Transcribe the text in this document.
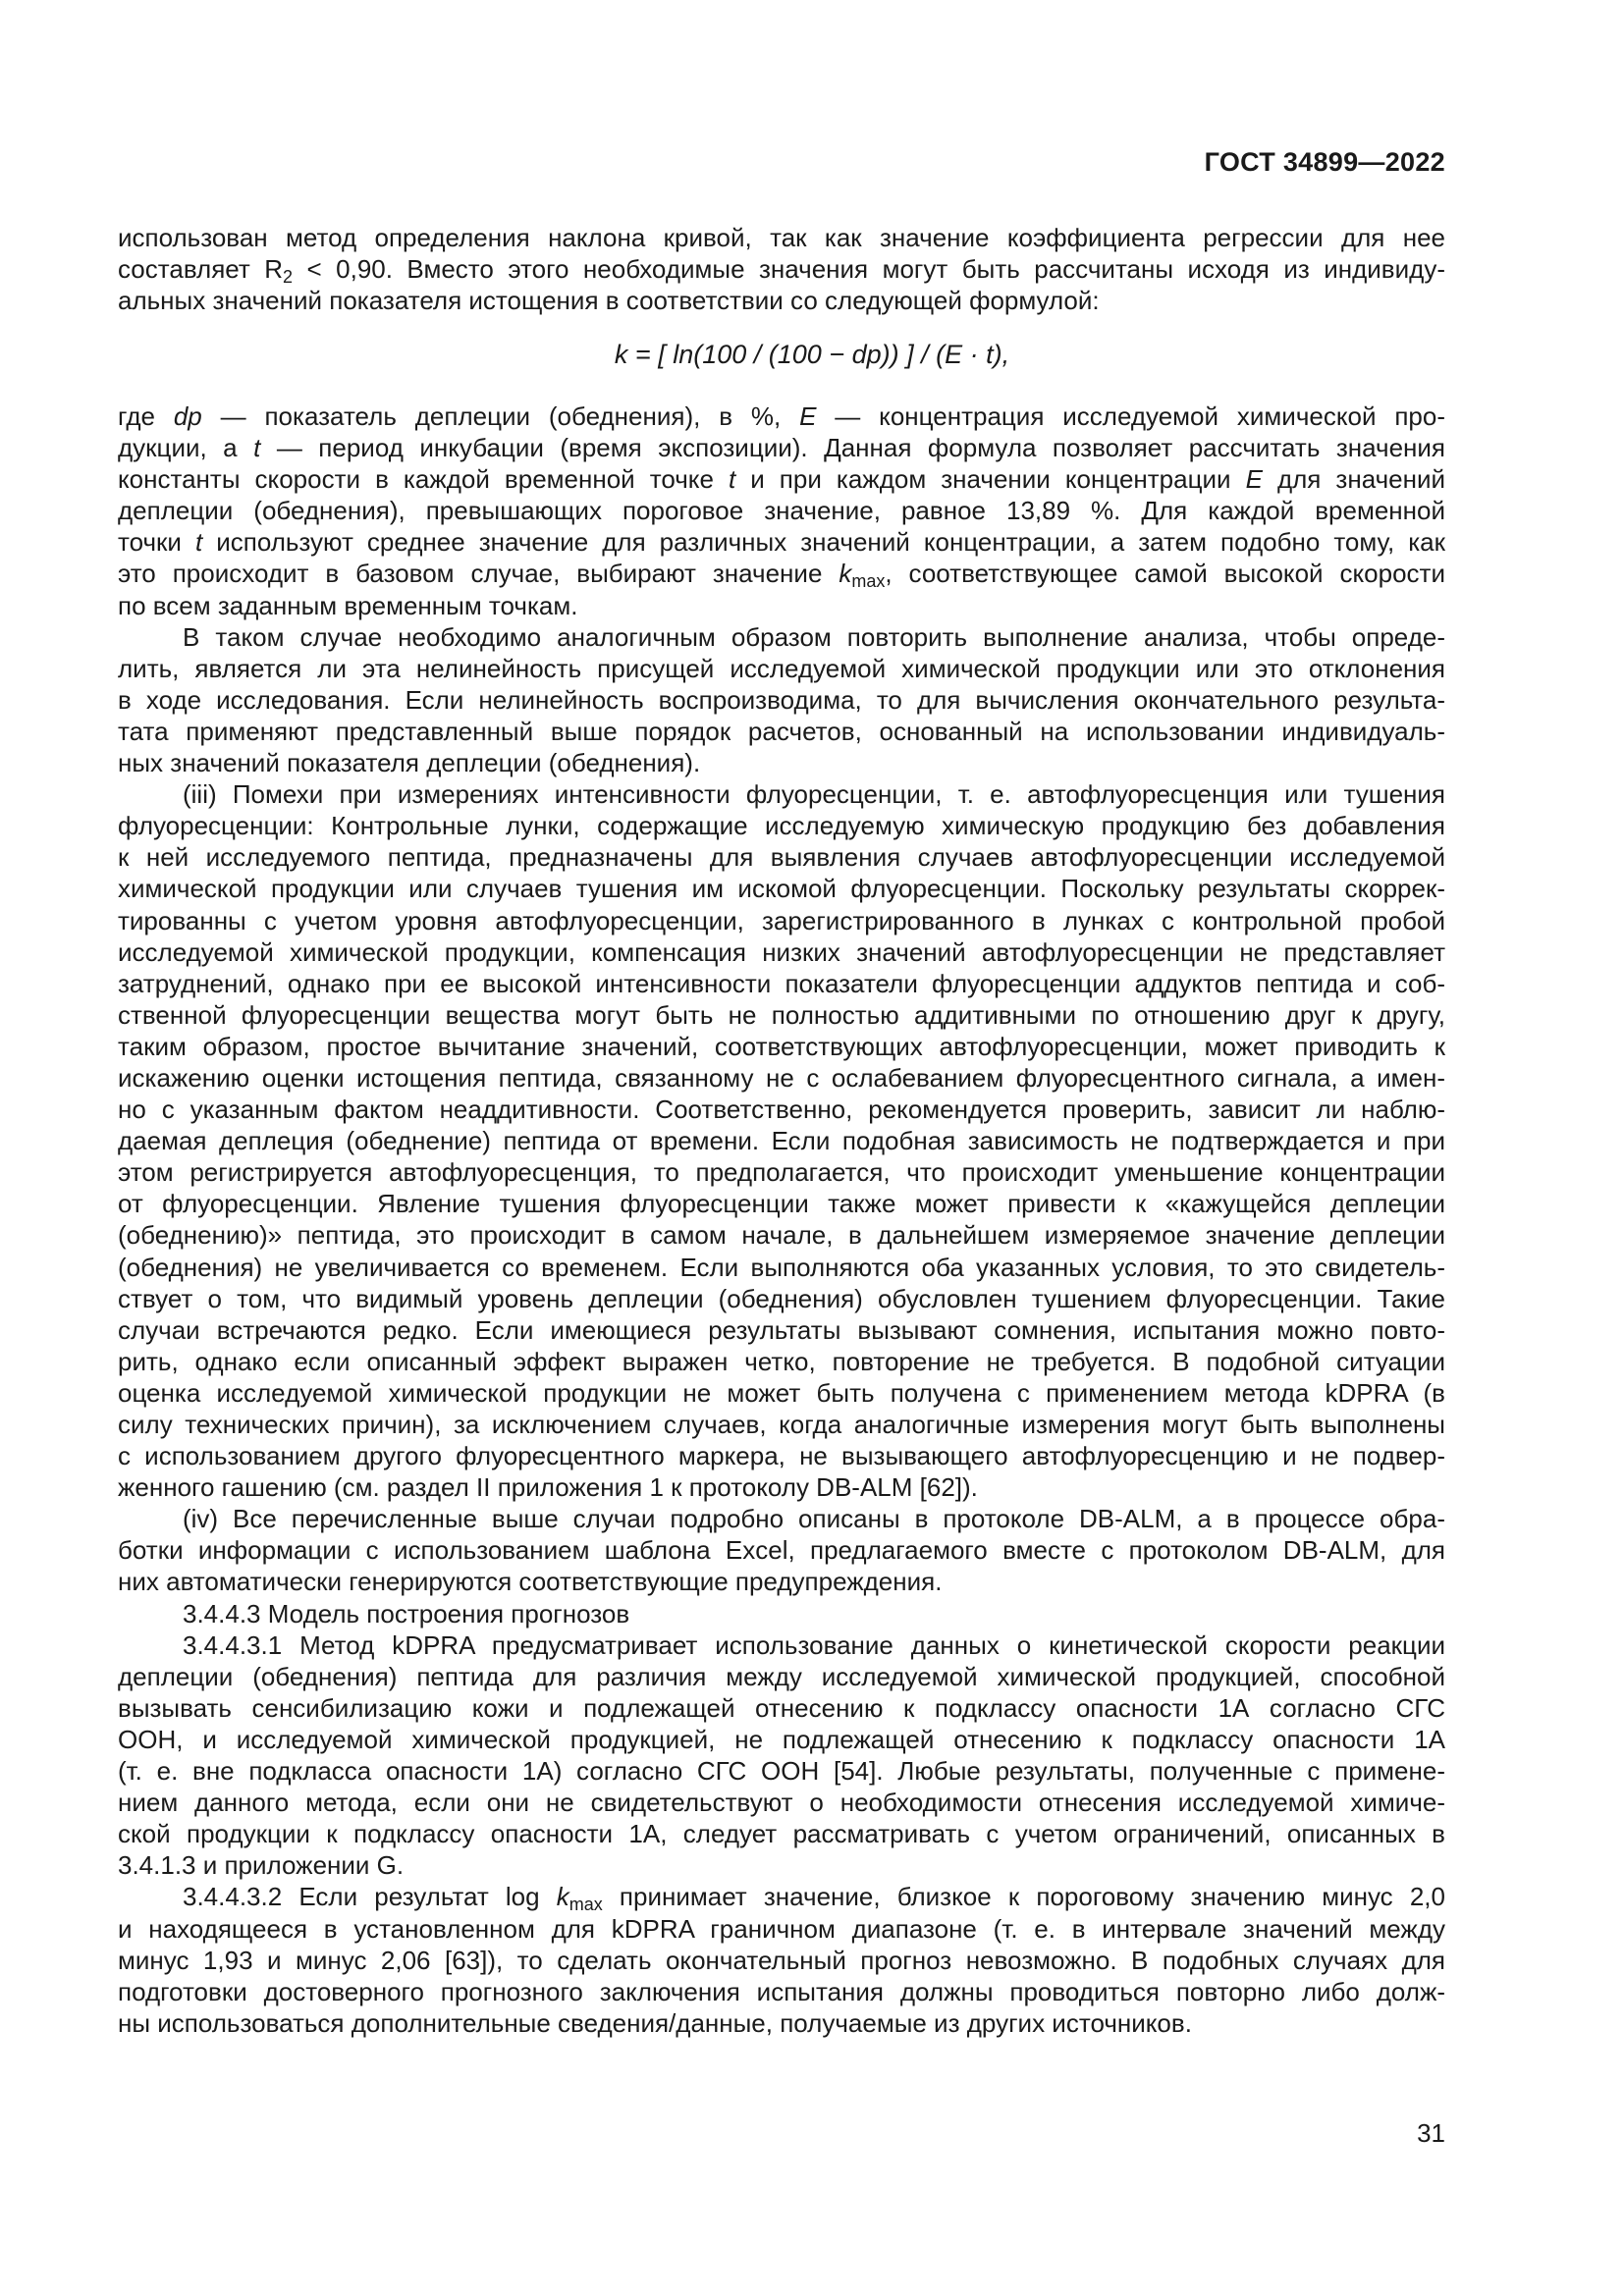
ГОСТ 34899—2022

использован метод определения наклона кривой, так как значение коэффициента регрессии для нее

составляет $R_2 < 0,90$. Вместо этого необходимые значения могут быть рассчитаны исходя из индивиду-

альных значений показателя истощения в соответствии со следующей формулой:

k = [ ln(100 / (100 − dp)) ] / (E · t),

где dp — показатель деплеции (обеднения), в %, E — концентрация исследуемой химической про-

дукции, а t — период инкубации (время экспозиции). Данная формула позволяет рассчитать значения

константы скорости в каждой временной точке t и при каждом значении концентрации E для значений

деплеции (обеднения), превышающих пороговое значение, равное 13,89 %. Для каждой временной

точки t используют среднее значение для различных значений концентрации, а затем подобно тому, как

это происходит в базовом случае, выбирают значение $k_{max}$, соответствующее самой высокой скорости

по всем заданным временным точкам.

В таком случае необходимо аналогичным образом повторить выполнение анализа, чтобы опреде-

лить, является ли эта нелинейность присущей исследуемой химической продукции или это отклонения

в ходе исследования. Если нелинейность воспроизводима, то для вычисления окончательного результа-

тата применяют представленный выше порядок расчетов, основанный на использовании индивидуаль-

ных значений показателя деплеции (обеднения).

(iii) Помехи при измерениях интенсивности флуоресценции, т. е. автофлуоресценция или тушения

флуоресценции: Контрольные лунки, содержащие исследуемую химическую продукцию без добавления

к ней исследуемого пептида, предназначены для выявления случаев автофлуоресценции исследуемой

химической продукции или случаев тушения им искомой флуоресценции. Поскольку результаты скоррек-

тированны с учетом уровня автофлуоресценции, зарегистрированного в лунках с контрольной пробой

исследуемой химической продукции, компенсация низких значений автофлуоресценции не представляет

затруднений, однако при ее высокой интенсивности показатели флуоресценции аддуктов пептида и соб-

ственной флуоресценции вещества могут быть не полностью аддитивными по отношению друг к другу,

таким образом, простое вычитание значений, соответствующих автофлуоресценции, может приводить к

искажению оценки истощения пептида, связанному не с ослабеванием флуоресцентного сигнала, а имен-

но с указанным фактом неаддитивности. Соответственно, рекомендуется проверить, зависит ли наблю-

даемая деплеция (обеднение) пептида от времени. Если подобная зависимость не подтверждается и при

этом регистрируется автофлуоресценция, то предполагается, что происходит уменьшение концентрации

от флуоресценции. Явление тушения флуоресценции также может привести к «кажущейся деплеции

(обеднению)» пептида, это происходит в самом начале, в дальнейшем измеряемое значение деплеции

(обеднения) не увеличивается со временем. Если выполняются оба указанных условия, то это свидетель-

ствует о том, что видимый уровень деплеции (обеднения) обусловлен тушением флуоресценции. Такие

случаи встречаются редко. Если имеющиеся результаты вызывают сомнения, испытания можно повто-

рить, однако если описанный эффект выражен четко, повторение не требуется. В подобной ситуации

оценка исследуемой химической продукции не может быть получена с применением метода kDPRA (в

силу технических причин), за исключением случаев, когда аналогичные измерения могут быть выполнены

с использованием другого флуоресцентного маркера, не вызывающего автофлуоресценцию и не подвер-

женного гашению (см. раздел II приложения 1 к протоколу DB-ALM [62]).

(iv) Все перечисленные выше случаи подробно описаны в протоколе DB-ALM, а в процессе обра-

ботки информации с использованием шаблона Excel, предлагаемого вместе с протоколом DB-ALM, для

них автоматически генерируются соответствующие предупреждения.

3.4.4.3 Модель построения прогнозов

3.4.4.3.1 Метод kDPRA предусматривает использование данных о кинетической скорости реакции

деплеции (обеднения) пептида для различия между исследуемой химической продукцией, способной

вызывать сенсибилизацию кожи и подлежащей отнесению к подклассу опасности 1А согласно СГС

ООН, и исследуемой химической продукцией, не подлежащей отнесению к подклассу опасности 1А

(т. е. вне подкласса опасности 1А) согласно СГС ООН [54]. Любые результаты, полученные с примене-

нием данного метода, если они не свидетельствуют о необходимости отнесения исследуемой химиче-

ской продукции к подклассу опасности 1А, следует рассматривать с учетом ограничений, описанных в

3.4.1.3 и приложении G.

3.4.4.3.2 Если результат $\log k_{max}$ принимает значение, близкое к пороговому значению минус 2,0

и находящееся в установленном для kDPRA граничном диапазоне (т. е. в интервале значений между

минус 1,93 и минус 2,06 [63]), то сделать окончательный прогноз невозможно. В подобных случаях для

подготовки достоверного прогнозного заключения испытания должны проводиться повторно либо долж-

ны использоваться дополнительные сведения/данные, получаемые из других источников.

31
